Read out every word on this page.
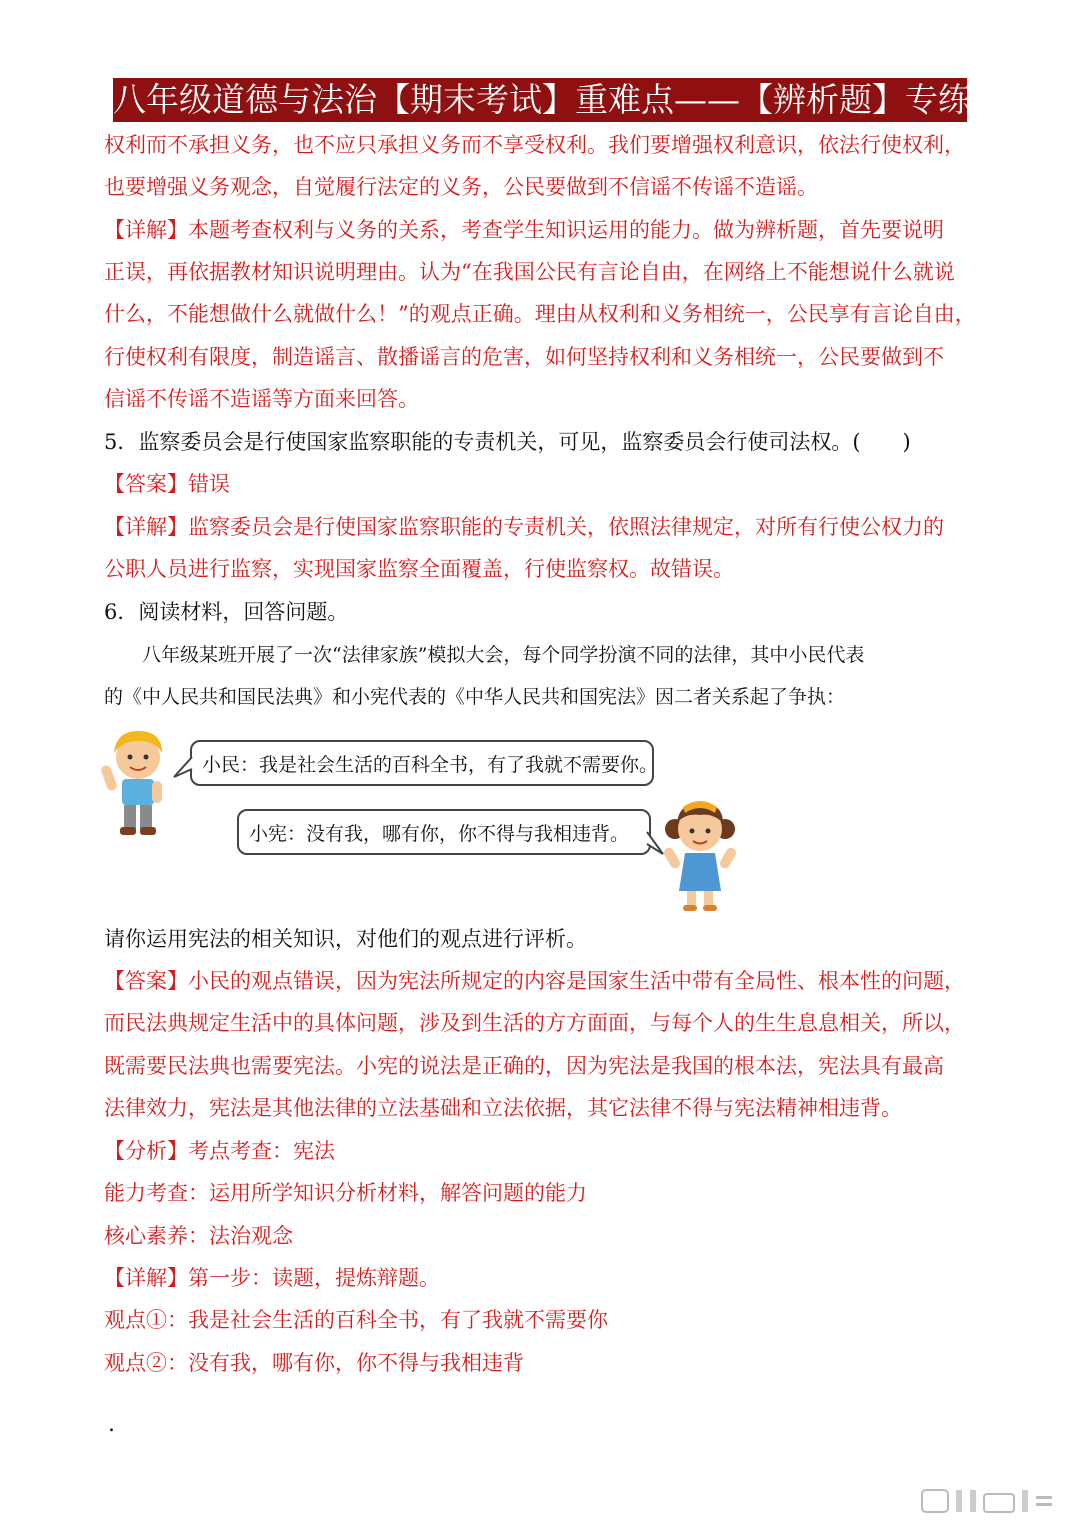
八年级道德与法治【期末考试】重难点——【辨析题】专练
权利而不承担义务，也不应只承担义务而不享受权利。我们要增强权利意识，依法行使权利，
也要增强义务观念，自觉履行法定的义务，公民要做到不信谣不传谣不造谣。
【详解】本题考查权利与义务的关系，考查学生知识运用的能力。做为辨析题，首先要说明
正误，再依据教材知识说明理由。认为“在我国公民有言论自由，在网络上不能想说什么就说
什么，不能想做什么就做什么！”的观点正确。理由从权利和义务相统一，公民享有言论自由，
行使权利有限度，制造谣言、散播谣言的危害，如何坚持权利和义务相统一，公民要做到不
信谣不传谣不造谣等方面来回答。
5．监察委员会是行使国家监察职能的专责机关，可见，监察委员会行使司法权。(　　)
【答案】错误
【详解】监察委员会是行使国家监察职能的专责机关，依照法律规定，对所有行使公权力的
公职人员进行监察，实现国家监察全面覆盖，行使监察权。故错误。
6．阅读材料，回答问题。
　　八年级某班开展了一次“法律家族”模拟大会，每个同学扮演不同的法律，其中小民代表
的《中人民共和国民法典》和小宪代表的《中华人民共和国宪法》因二者关系起了争执：
小民：我是社会生活的百科全书，有了我就不需要你。
小宪：没有我，哪有你，你不得与我相违背。
请你运用宪法的相关知识，对他们的观点进行评析。
【答案】小民的观点错误，因为宪法所规定的内容是国家生活中带有全局性、根本性的问题，
而民法典规定生活中的具体问题，涉及到生活的方方面面，与每个人的生生息息相关，所以，
既需要民法典也需要宪法。小宪的说法是正确的，因为宪法是我国的根本法，宪法具有最高
法律效力，宪法是其他法律的立法基础和立法依据，其它法律不得与宪法精神相违背。
【分析】考点考查：宪法
能力考查：运用所学知识分析材料，解答问题的能力
核心素养：法治观念
【详解】第一步：读题，提炼辩题。
观点①：我是社会生活的百科全书，有了我就不需要你
观点②：没有我，哪有你，你不得与我相违背
.
